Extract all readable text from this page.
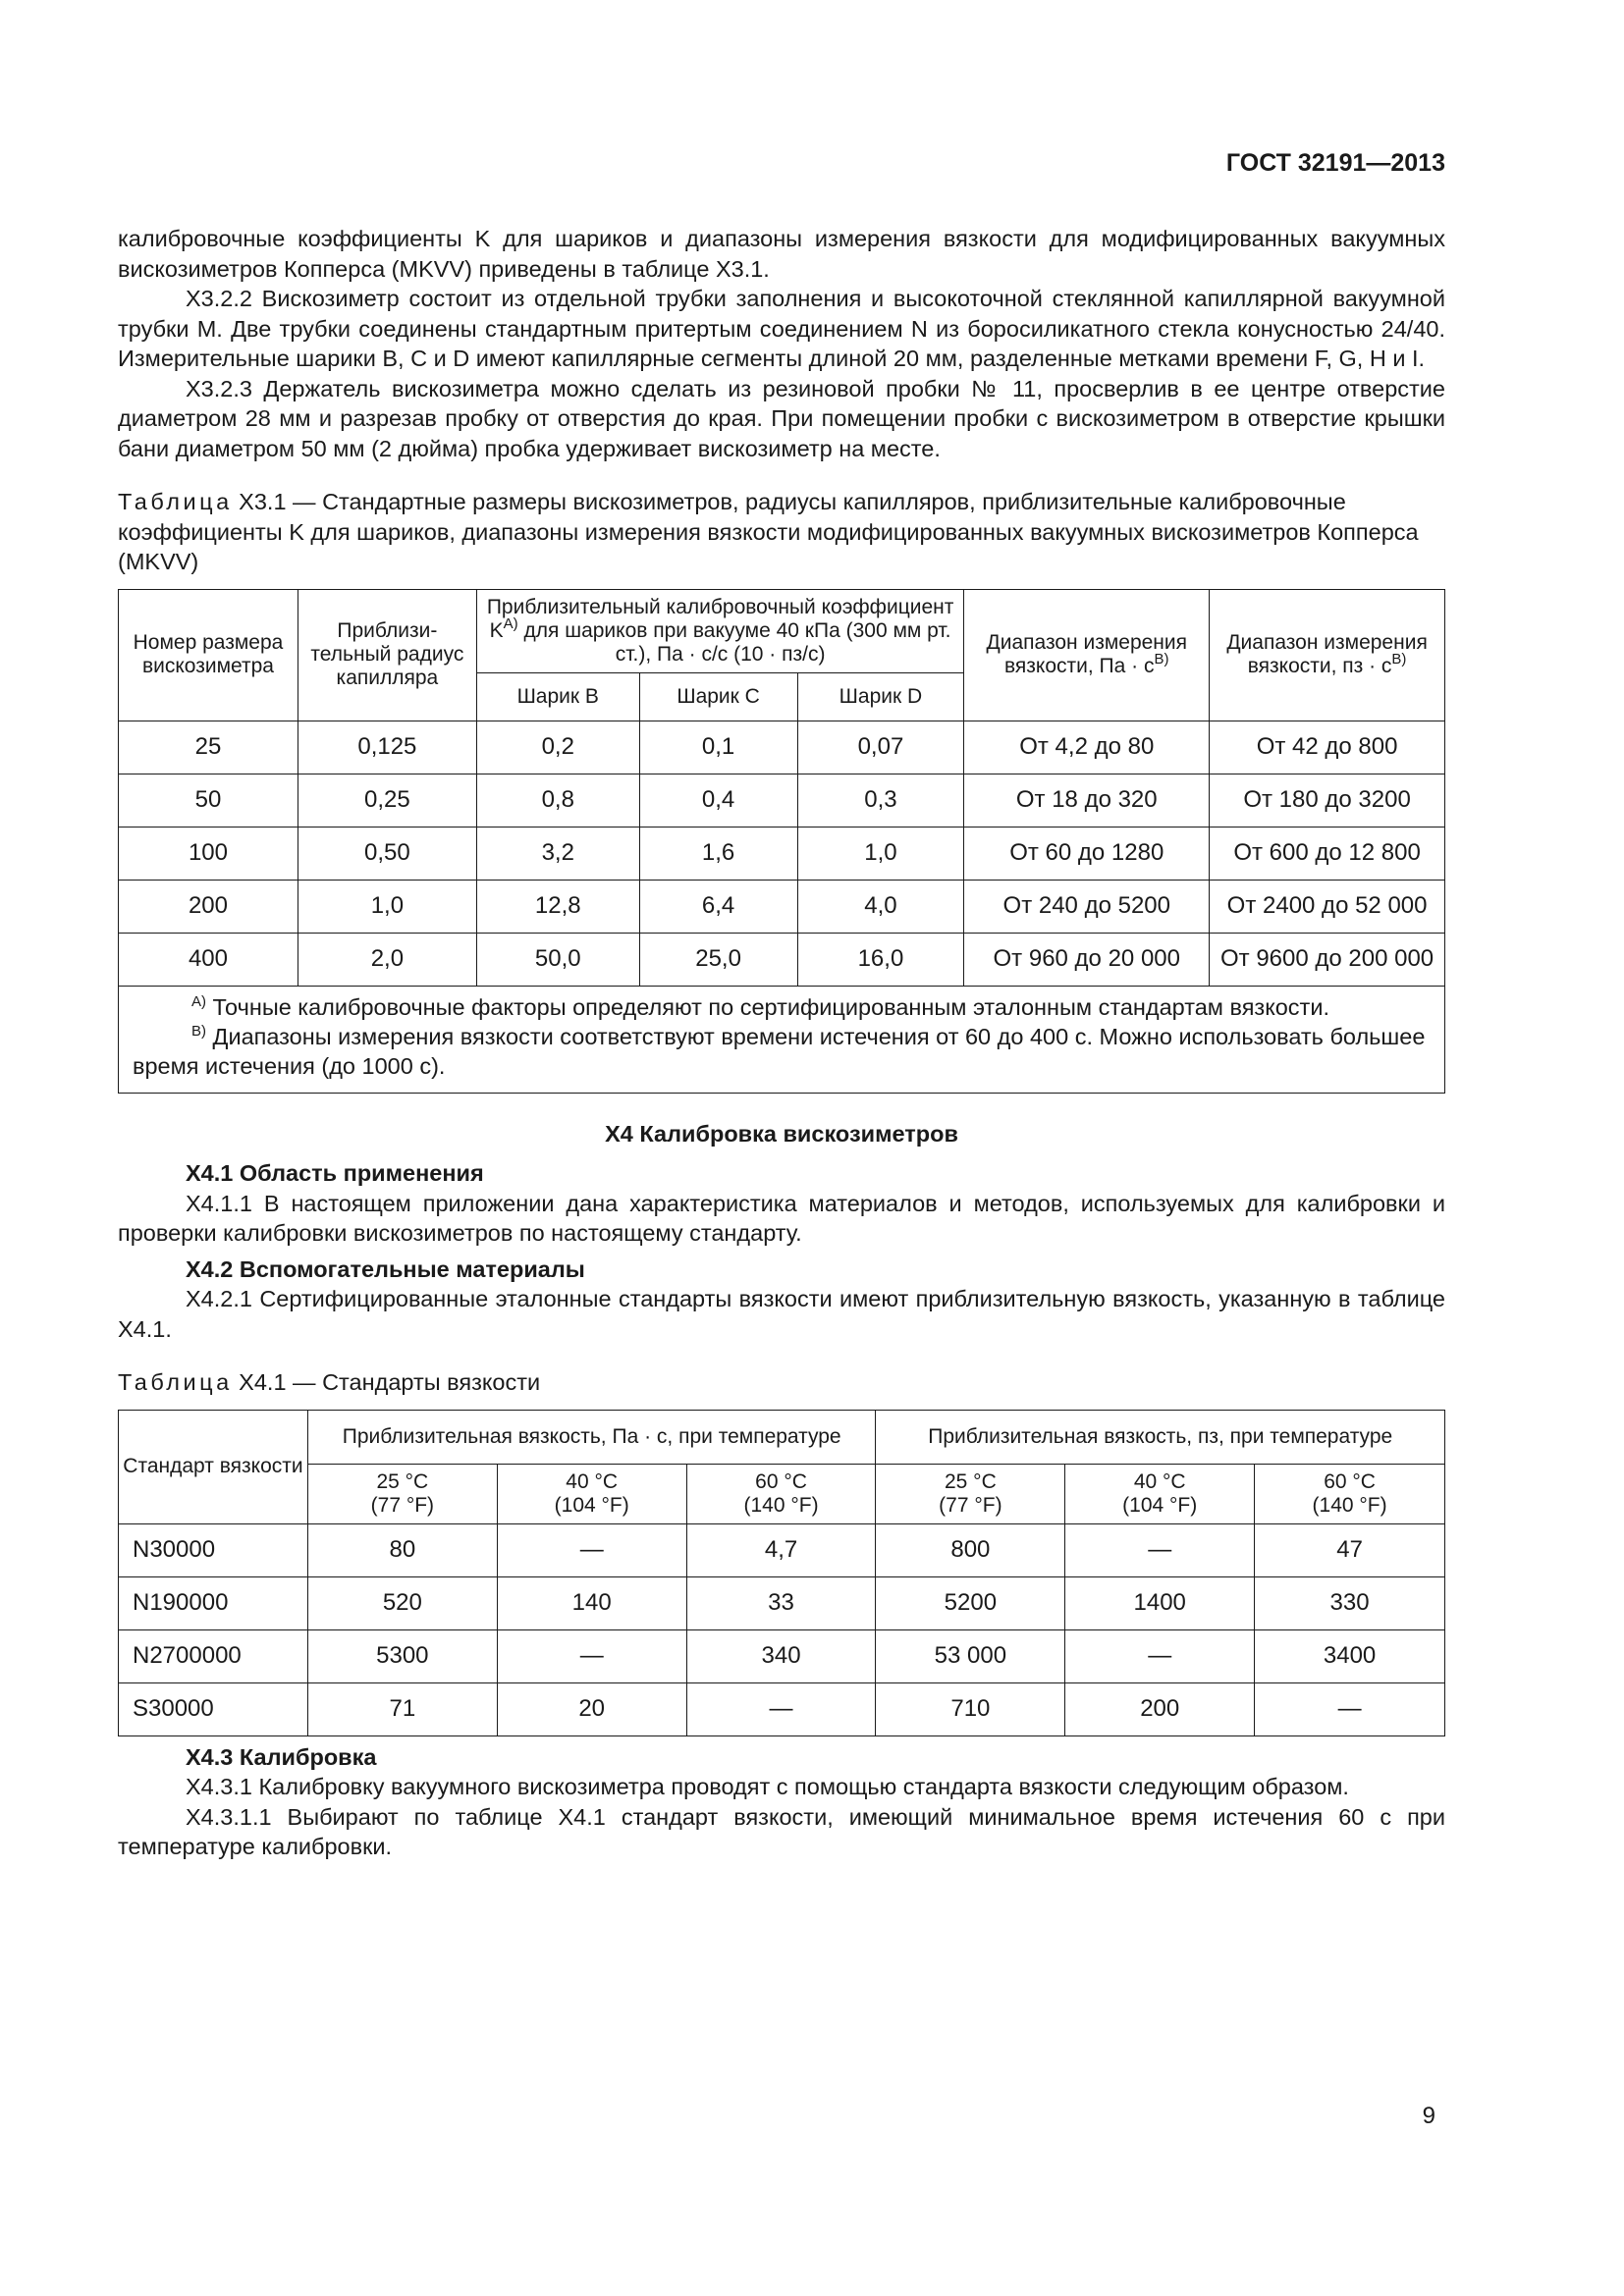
ГОСТ 32191—2013

калибровочные коэффициенты K для шариков и диапазоны измерения вязкости для модифицированных вакуумных вискозиметров Копперса (MKVV) приведены в таблице Х3.1.

Х3.2.2 Вискозиметр состоит из отдельной трубки заполнения и высокоточной стеклянной капиллярной вакуумной трубки M. Две трубки соединены стандартным притертым соединением N из боросиликатного стекла конусностью 24/40. Измерительные шарики B, C и D имеют капиллярные сегменты длиной 20 мм, разделенные метками времени F, G, H и I.

Х3.2.3 Держатель вискозиметра можно сделать из резиновой пробки № 11, просверлив в ее центре отверстие диаметром 28 мм и разрезав пробку от отверстия до края. При помещении пробки с вискозиметром в отверстие крышки бани диаметром 50 мм (2 дюйма) пробка удерживает вискозиметр на месте.

Таблица Х3.1 — Стандартные размеры вискозиметров, радиусы капилляров, приблизительные калибровочные коэффициенты K для шариков, диапазоны измерения вязкости модифицированных вакуумных вискозиметров Копперса (MKVV)

Номер размера вискозиметра	Приблизи-тельный радиус капилляра	Приблизительный калибровочный коэффициент $K^{A)}$ для шариков при вакууме 40 кПа (300 мм рт. ст.), Па · с/с (10 · пз/с)			Диапазон измерения вязкости, Па · $с^{B)}$	Диапазон измерения вязкости, пз · $с^{B)}$
		Шарик B	Шарик C	Шарик D		
25	0,125	0,2	0,1	0,07	От 4,2 до 80	От 42 до 800
50	0,25	0,8	0,4	0,3	От 18 до 320	От 180 до 3200
100	0,50	3,2	1,6	1,0	От 60 до 1280	От 600 до 12 800
200	1,0	12,8	6,4	4,0	От 240 до 5200	От 2400 до 52 000
400	2,0	50,0	25,0	16,0	От 960 до 20 000	От 9600 до 200 000

$^{A)}$ Точные калибровочные факторы определяют по сертифицированным эталонным стандартам вязкости.
$^{B)}$ Диапазоны измерения вязкости соответствуют времени истечения от 60 до 400 с. Можно использовать большее время истечения (до 1000 с).						

Х4 Калибровка вискозиметров

Х4.1 Область применения

Х4.1.1 В настоящем приложении дана характеристика материалов и методов, используемых для калибровки и проверки калибровки вискозиметров по настоящему стандарту.

Х4.2 Вспомогательные материалы

Х4.2.1 Сертифицированные эталонные стандарты вязкости имеют приблизительную вязкость, указанную в таблице Х4.1.

Таблица Х4.1 — Стандарты вязкости

Стандарт вязкости	Приблизительная вязкость, Па · с, при температуре			Приблизительная вязкость, пз, при температуре		
	25 °C
(77 °F)	40 °C
(104 °F)	60 °C
(140 °F)	25 °C
(77 °F)	40 °C
(104 °F)	60 °C
(140 °F)
N30000	80	—	4,7	800	—	47
N190000	520	140	33	5200	1400	330
N2700000	5300	—	340	53 000	—	3400
S30000	71	20	—	710	200	—

Х4.3 Калибровка

Х4.3.1 Калибровку вакуумного вискозиметра проводят с помощью стандарта вязкости следующим образом.

Х4.3.1.1 Выбирают по таблице Х4.1 стандарт вязкости, имеющий минимальное время истечения 60 с при температуре калибровки.

9
